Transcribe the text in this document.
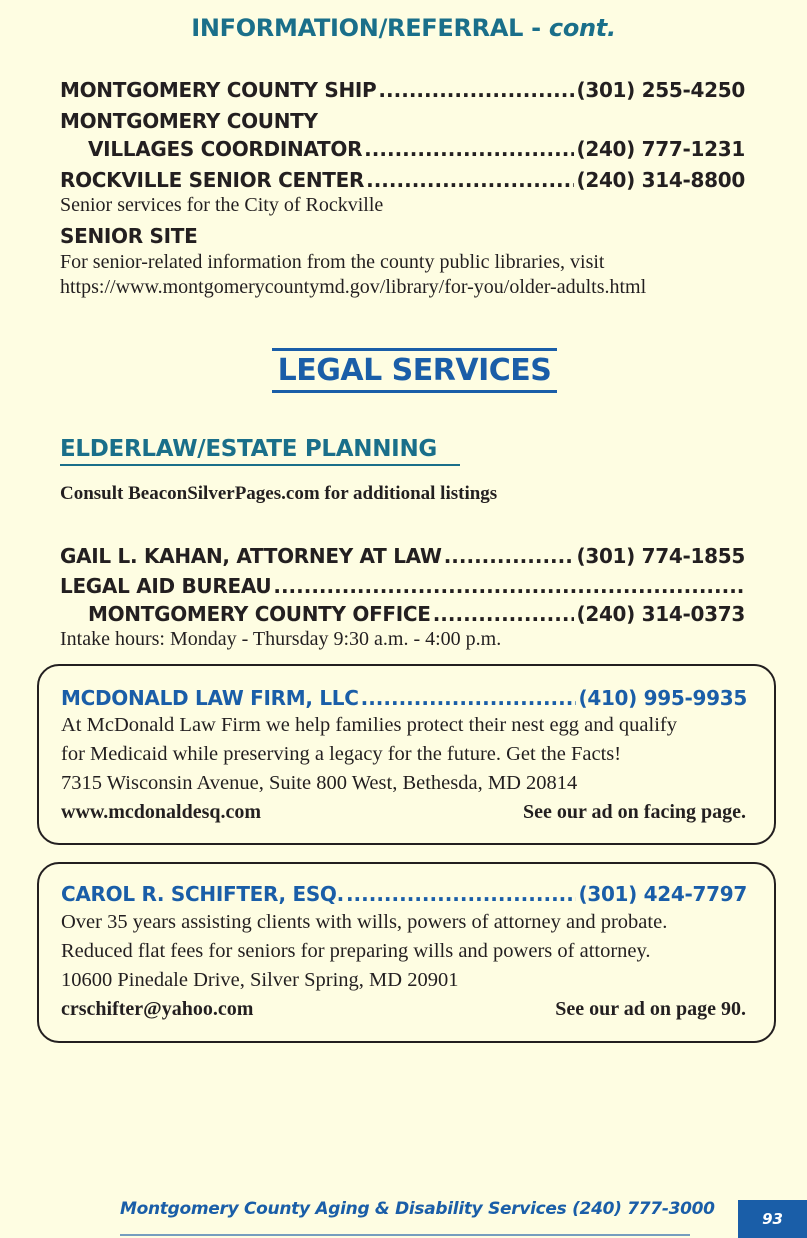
INFORMATION/REFERRAL - cont.
MONTGOMERY COUNTY SHIP .....	(301) 255-4250
MONTGOMERY COUNTY
VILLAGES COORDINATOR .....	(240) 777-1231
ROCKVILLE SENIOR CENTER .....	(240) 314-8800
Senior services for the City of Rockville
SENIOR SITE
For senior-related information from the county public libraries, visit
https://www.montgomerycountymd.gov/library/for-you/older-adults.html
LEGAL SERVICES
ELDERLAW/ESTATE PLANNING
Consult BeaconSilverPages.com for additional listings
GAIL L. KAHAN, ATTORNEY AT LAW .....	(301) 774-1855
LEGAL AID BUREAU
.....
MONTGOMERY COUNTY OFFICE .....	(240) 314-0373
Intake hours: Monday - Thursday 9:30 a.m. - 4:00 p.m.
MCDONALD LAW FIRM, LLC .....	(410) 995-9935
At McDonald Law Firm we help families protect their nest egg and qualify
for Medicaid while preserving a legacy for the future. Get the Facts!
7315 Wisconsin Avenue, Suite 800 West, Bethesda, MD 20814
www.mcdonaldesq.com	See our ad on facing page.
CAROL R. SCHIFTER, ESQ. .....	(301) 424-7797
Over 35 years assisting clients with wills, powers of attorney and probate.
Reduced flat fees for seniors for preparing wills and powers of attorney.
10600 Pinedale Drive, Silver Spring, MD 20901
crschifter@yahoo.com	See our ad on page 90.
Montgomery County Aging & Disability Services (240) 777-3000	93
